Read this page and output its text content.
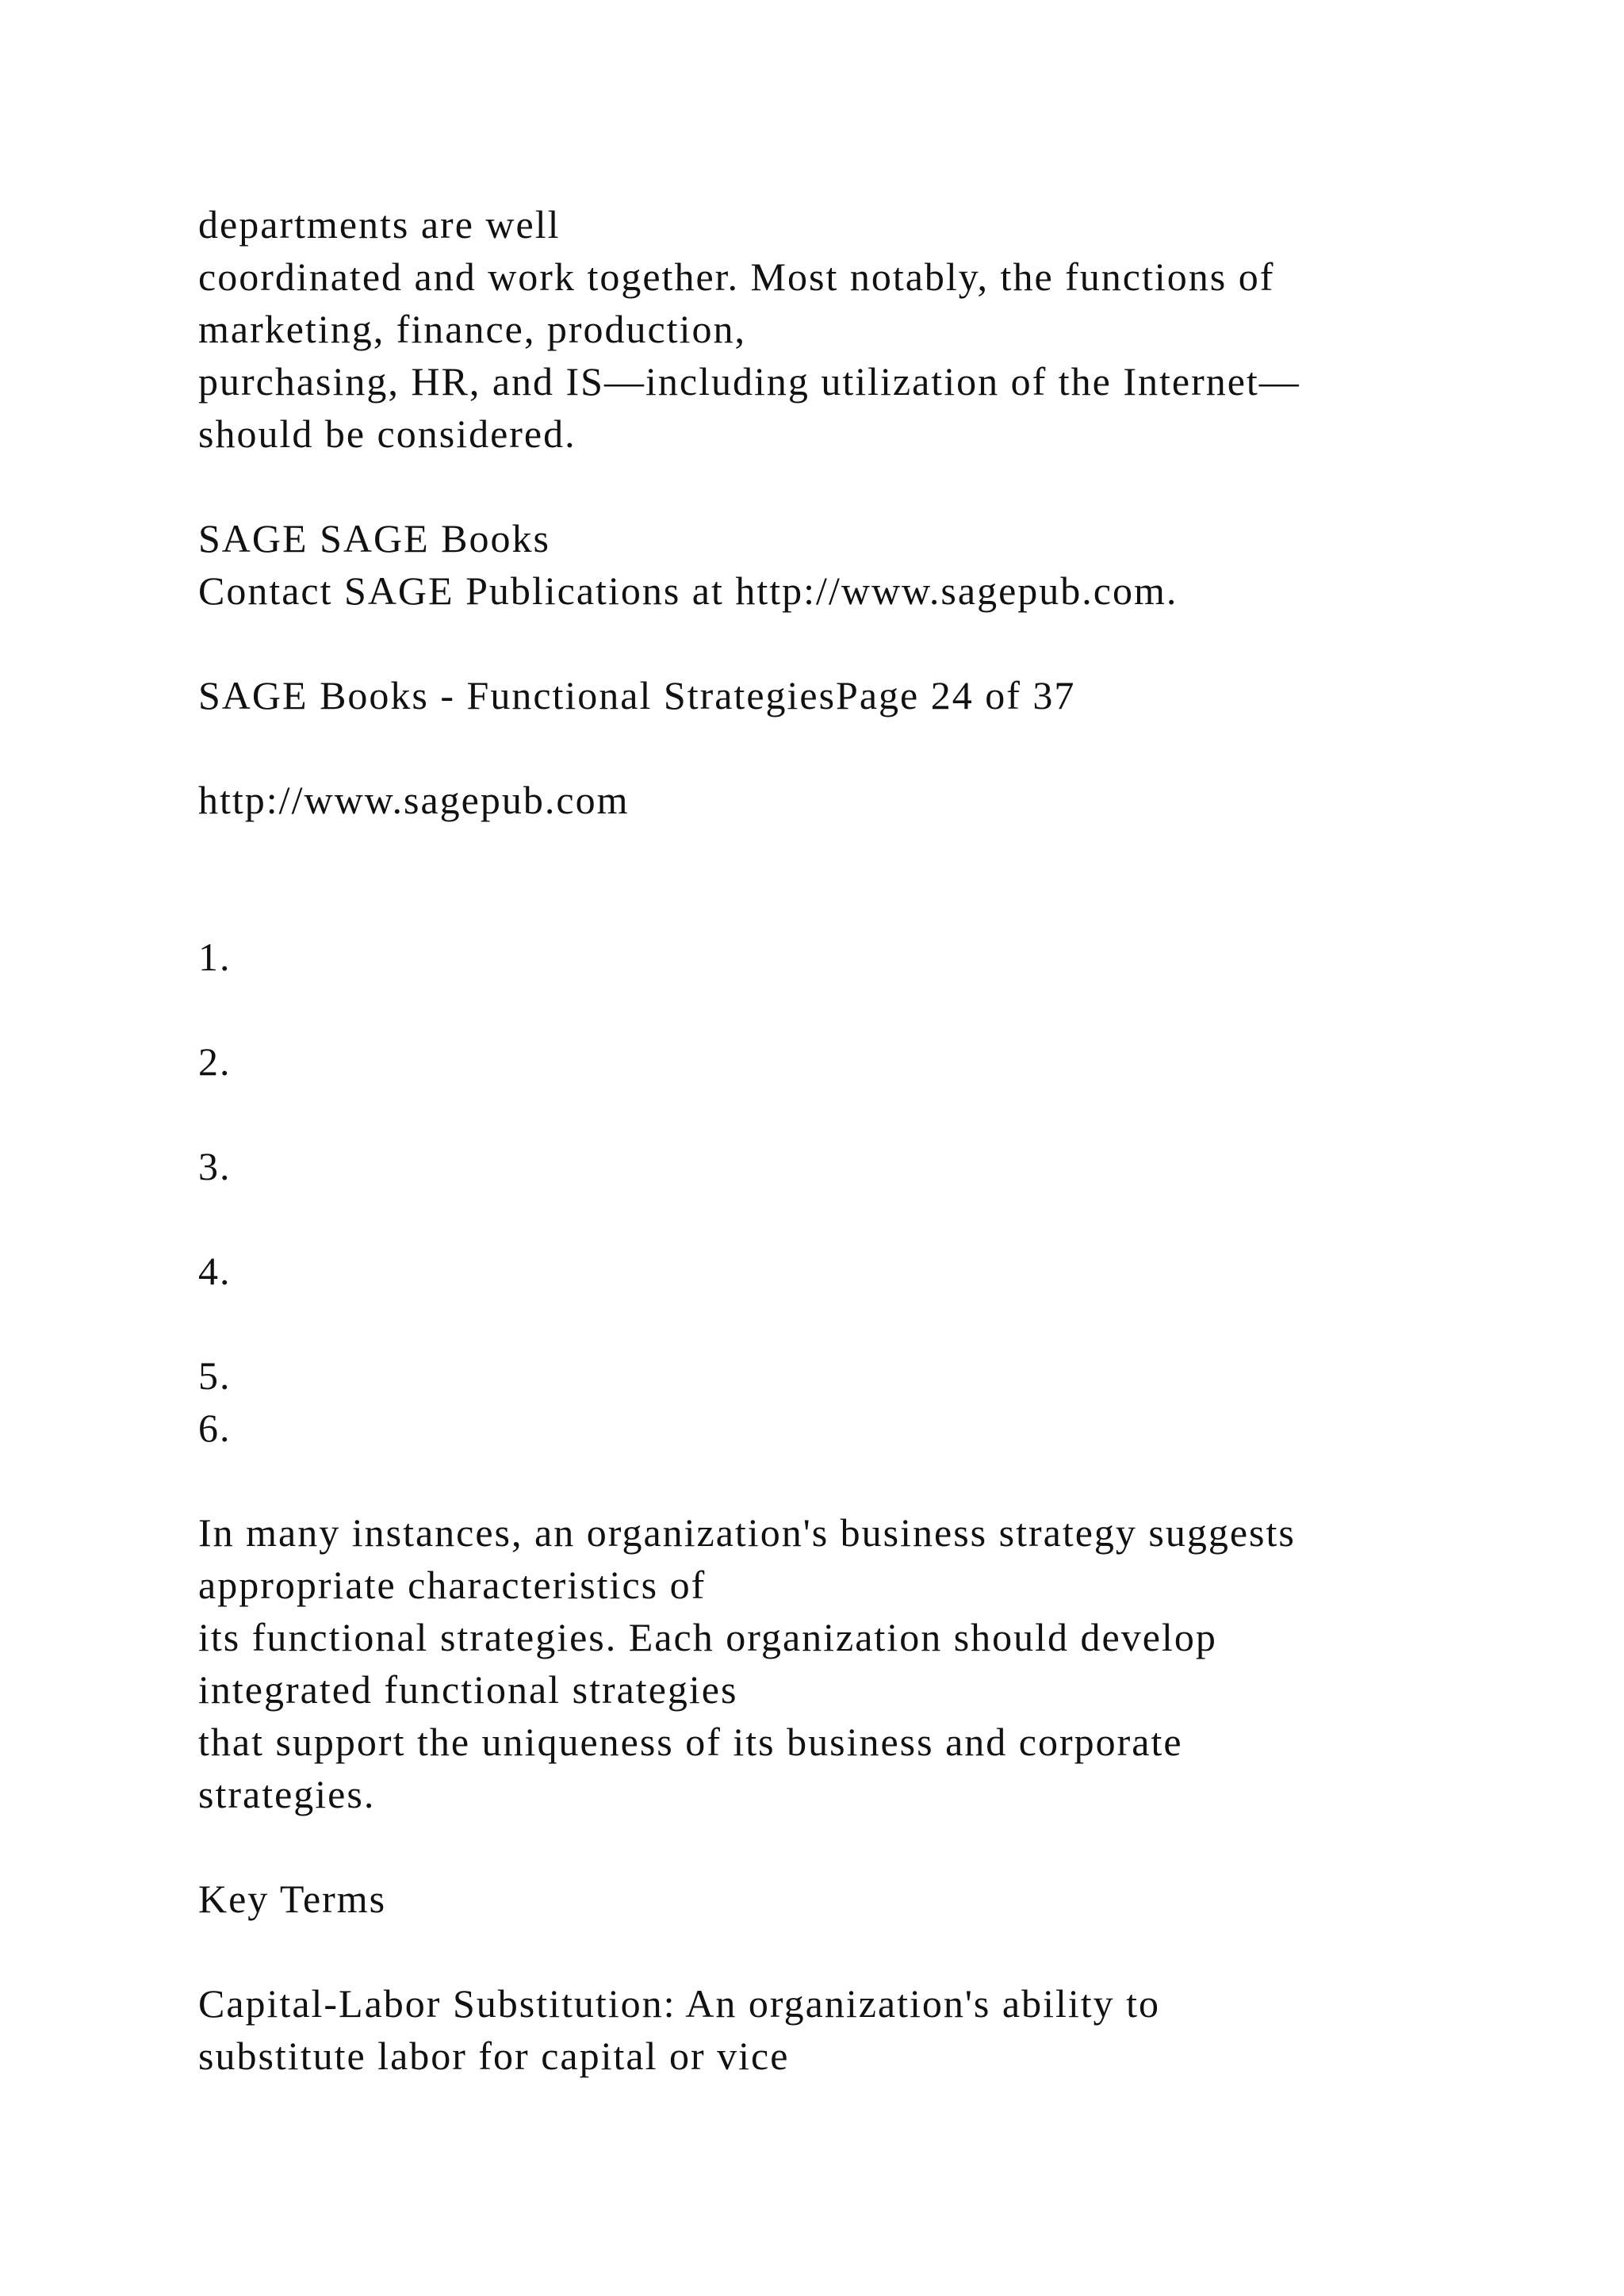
departments are well
coordinated and work together. Most notably, the functions of
marketing, finance, production,
purchasing, HR, and IS—including utilization of the Internet—
should be considered.
SAGE SAGE Books
Contact SAGE Publications at http://www.sagepub.com.
SAGE Books - Functional StrategiesPage 24 of 37
http://www.sagepub.com
1.
2.
3.
4.
5.
6.
In many instances, an organization's business strategy suggests
appropriate characteristics of
its functional strategies. Each organization should develop
integrated functional strategies
that support the uniqueness of its business and corporate
strategies.
Key Terms
Capital-Labor Substitution: An organization's ability to
substitute labor for capital or vice
